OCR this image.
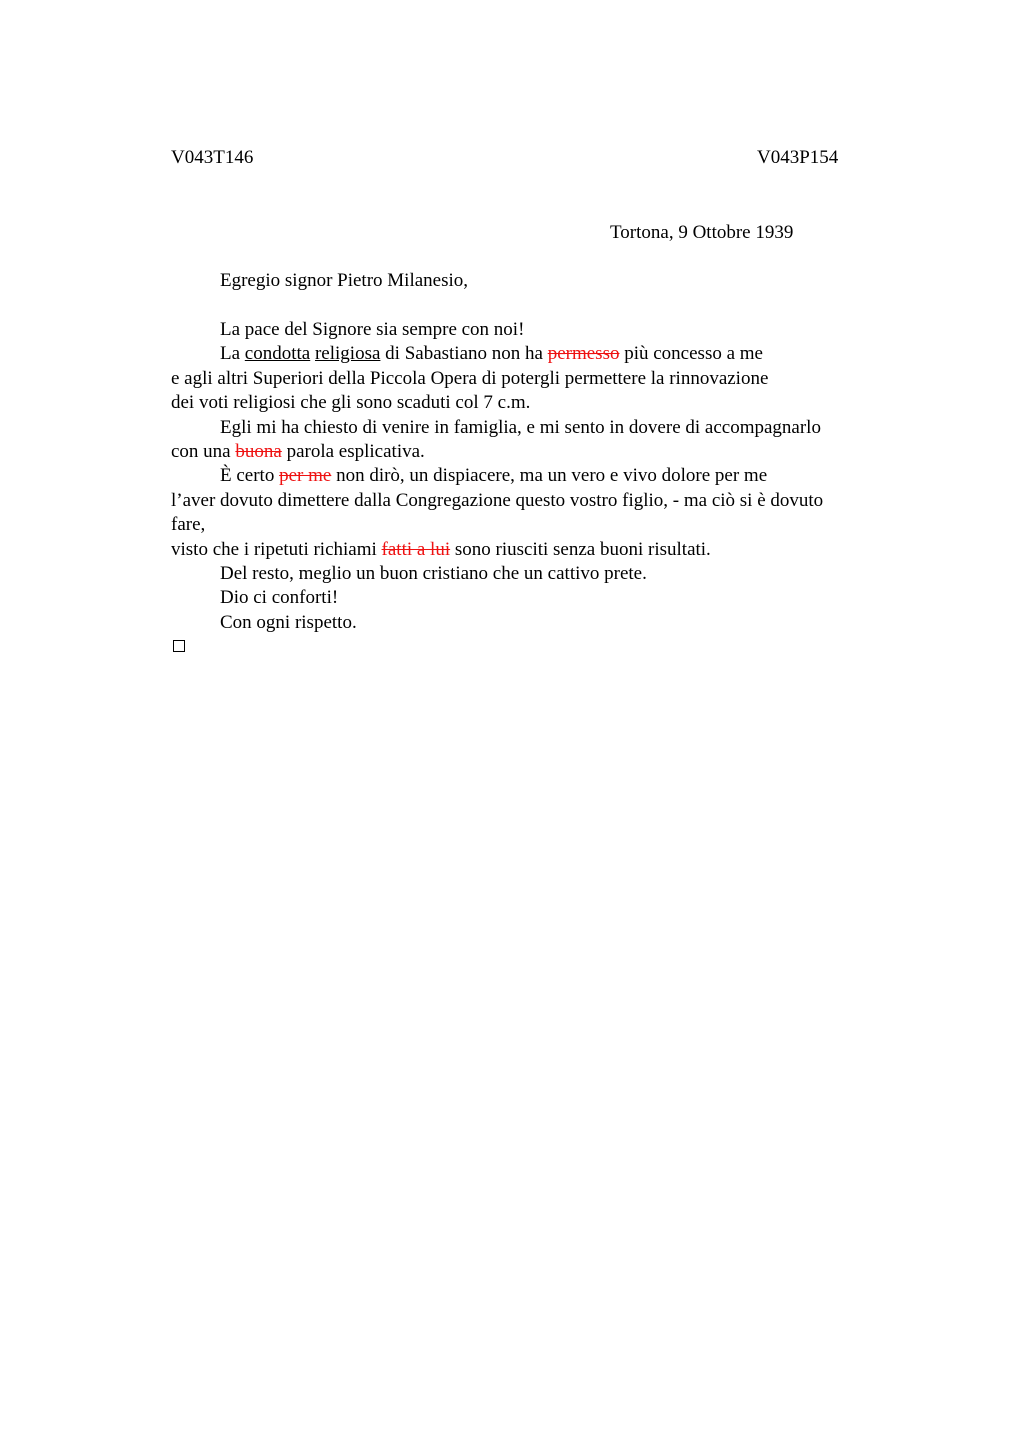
V043T146	V043P154
Tortona, 9 Ottobre 1939
Egregio signor Pietro Milanesio,
La pace del Signore sia sempre con noi!
La condotta religiosa di Sabastiano non ha permesso più concesso a me
e agli altri Superiori della Piccola Opera di potergli permettere la rinnovazione
dei voti religiosi che gli sono scaduti col 7 c.m.
Egli mi ha chiesto di venire in famiglia, e mi sento in dovere di accompagnarlo
con una buona parola esplicativa.
È certo per me non dirò, un dispiacere, ma un vero e vivo dolore per me
l’aver dovuto dimettere dalla Congregazione questo vostro figlio, - ma ciò si è dovuto
fare,
visto che i ripetuti richiami fatti a lui sono riusciti senza buoni risultati.
Del resto, meglio un buon cristiano che un cattivo prete.
Dio ci conforti!
Con ogni rispetto.
